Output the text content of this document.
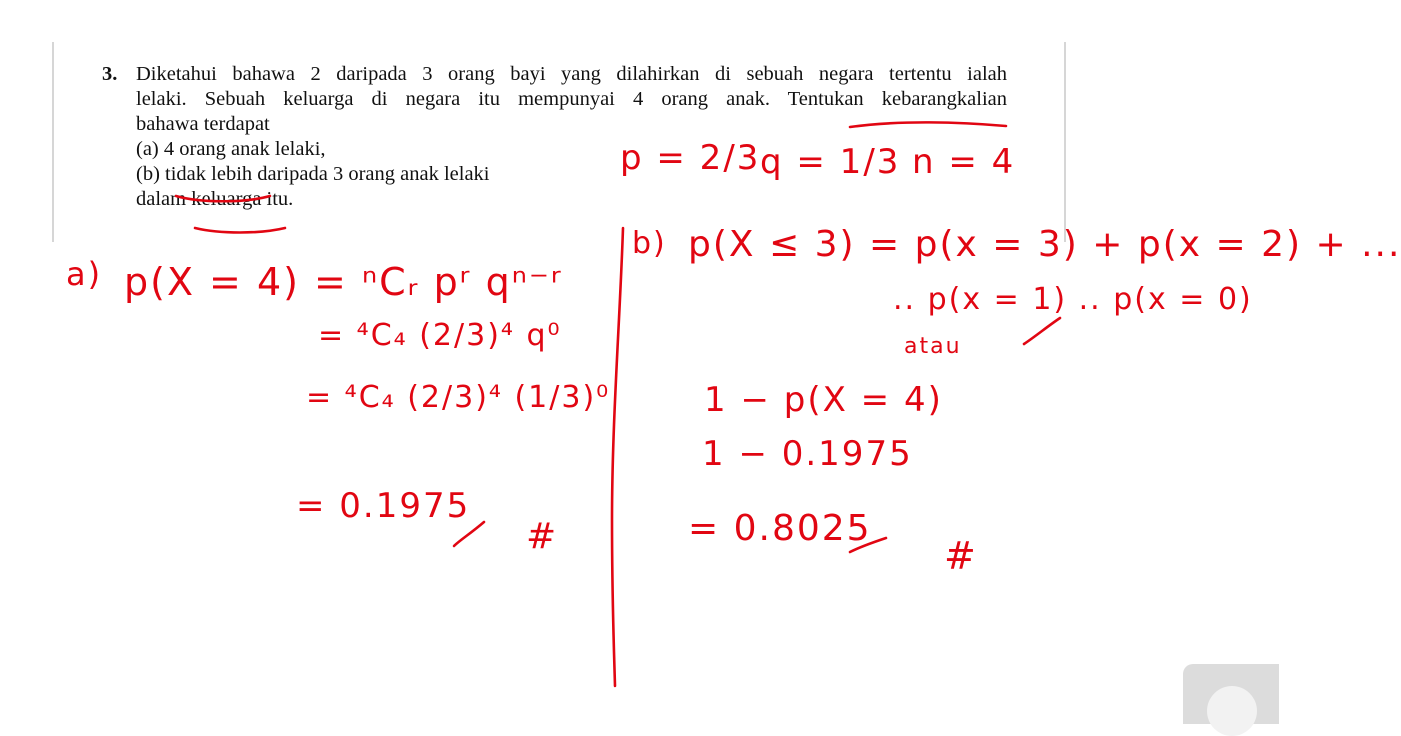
3. Diketahui bahawa 2 daripada 3 orang bayi yang dilahirkan di sebuah negara tertentu ialah
lelaki. Sebuah keluarga di negara itu mempunyai 4 orang anak. Tentukan kebarangkalian
bahawa terdapat
(a) 4 orang anak lelaki,
(b) tidak lebih daripada 3 orang anak lelaki
dalam keluarga itu.
p = 2/3 q = 1/3 n = 4
a) p(X = 4) = ⁿCᵣ pʳ qⁿ⁻ʳ
= ⁴C₄ (2/3)⁴ q⁰
= ⁴C₄ (2/3)⁴ (1/3)⁰
= 0.1975
#
b) p(X ≤ 3) = p(x = 3) + p(x = 2) + ...
.. p(x = 1) .. p(x = 0)
atau
1 − p(X = 4)
1 − 0.1975
= 0.8025
#
